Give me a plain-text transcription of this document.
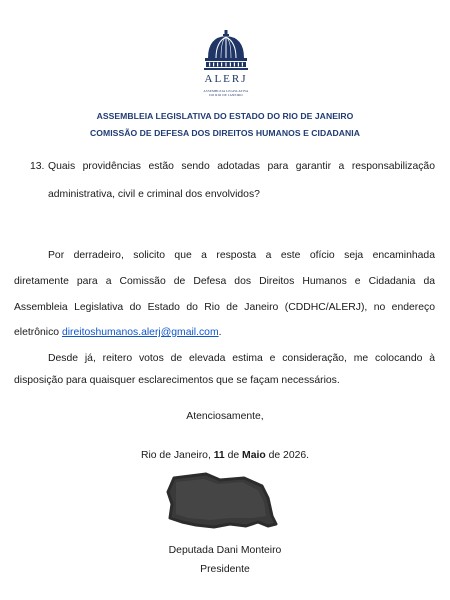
ALERJ
ASSEMBLEIA LEGISLATIVA
DO RIO DE JANEIRO
ASSEMBLEIA LEGISLATIVA DO ESTADO DO RIO DE JANEIRO
COMISSÃO DE DEFESA DOS DIREITOS HUMANOS E CIDADANIA
13. Quais providências estão sendo adotadas para garantir a responsabilização
administrativa, civil e criminal dos envolvidos?
Por derradeiro, solicito que a resposta a este ofício seja encaminhada
diretamente para a Comissão de Defesa dos Direitos Humanos e Cidadania da
Assembleia Legislativa do Estado do Rio de Janeiro (CDDHC/ALERJ), no endereço
eletrônico direitoshumanos.alerj@gmail.com.
Desde já, reitero votos de elevada estima e consideração, me colocando à
disposição para quaisquer esclarecimentos que se façam necessários.
Atenciosamente,
Rio de Janeiro, 11 de Maio de 2026.
Deputada Dani Monteiro
Presidente
